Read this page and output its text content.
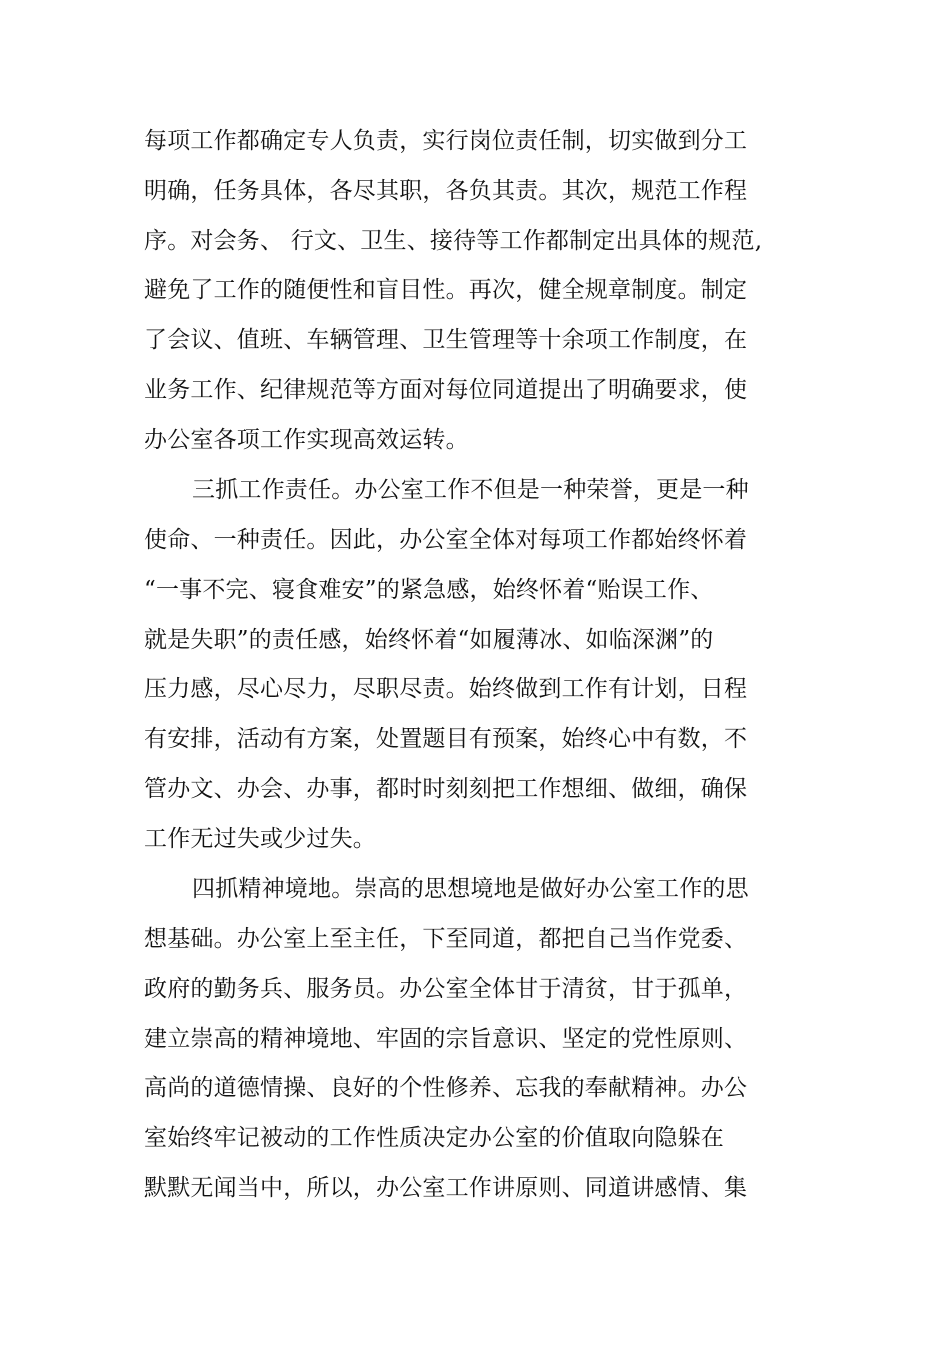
每项工作都确定专人负责，实行岗位责任制，切实做到分工
明确，任务具体，各尽其职，各负其责。其次，规范工作程
序。对会务、 行文、卫生、接待等工作都制定出具体的规范,
避免了工作的随便性和盲目性。再次，健全规章制度。制定
了会议、值班、车辆管理、卫生管理等十余项工作制度，在
业务工作、纪律规范等方面对每位同道提出了明确要求，使
办公室各项工作实现高效运转。
三抓工作责任。办公室工作不但是一种荣誉，更是一种
使命、一种责任。因此，办公室全体对每项工作都始终怀着
“一事不完、寝食难安”的紧急感，始终怀着“贻误工作、
就是失职”的责任感，始终怀着“如履薄冰、如临深渊”的
压力感，尽心尽力，尽职尽责。始终做到工作有计划，日程
有安排，活动有方案，处置题目有预案，始终心中有数，不
管办文、办会、办事，都时时刻刻把工作想细、做细，确保
工作无过失或少过失。
四抓精神境地。崇高的思想境地是做好办公室工作的思
想基础。办公室上至主任，下至同道，都把自己当作党委、
政府的勤务兵、服务员。办公室全体甘于清贫，甘于孤单，
建立崇高的精神境地、牢固的宗旨意识、坚定的党性原则、
高尚的道德情操、良好的个性修养、忘我的奉献精神。办公
室始终牢记被动的工作性质决定办公室的价值取向隐躲在
默默无闻当中，所以，办公室工作讲原则、同道讲感情、集
